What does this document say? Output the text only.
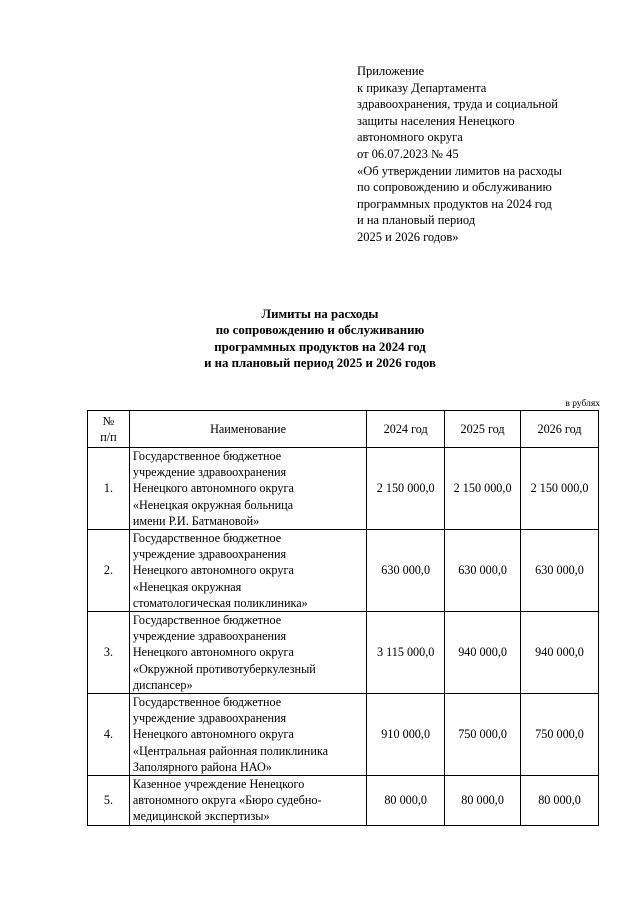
Приложение
к приказу Департамента
здравоохранения, труда и социальной
защиты населения Ненецкого
автономного округа
от 06.07.2023 № 45
«Об утверждении лимитов на расходы
по сопровождению и обслуживанию
программных продуктов на 2024 год
и на плановый период
2025 и 2026 годов»
Лимиты на расходы
по сопровождению и обслуживанию
программных продуктов на 2024 год
и на плановый период 2025 и 2026 годов
в рублях
№
п/п	Наименование	2024 год	2025 год	2026 год
1.	Государственное бюджетное
учреждение здравоохранения
Ненецкого автономного округа
«Ненецкая окружная больница
имени Р.И. Батмановой»	2 150 000,0	2 150 000,0	2 150 000,0
2.	Государственное бюджетное
учреждение здравоохранения
Ненецкого автономного округа
«Ненецкая окружная
стоматологическая поликлиника»	630 000,0	630 000,0	630 000,0
3.	Государственное бюджетное
учреждение здравоохранения
Ненецкого автономного округа
«Окружной противотуберкулезный
диспансер»	3 115 000,0	940 000,0	940 000,0
4.	Государственное бюджетное
учреждение здравоохранения
Ненецкого автономного округа
«Центральная районная поликлиника
Заполярного района НАО»	910 000,0	750 000,0	750 000,0
5.	Казенное учреждение Ненецкого
автономного округа «Бюро судебно-
медицинской экспертизы»	80 000,0	80 000,0	80 000,0
